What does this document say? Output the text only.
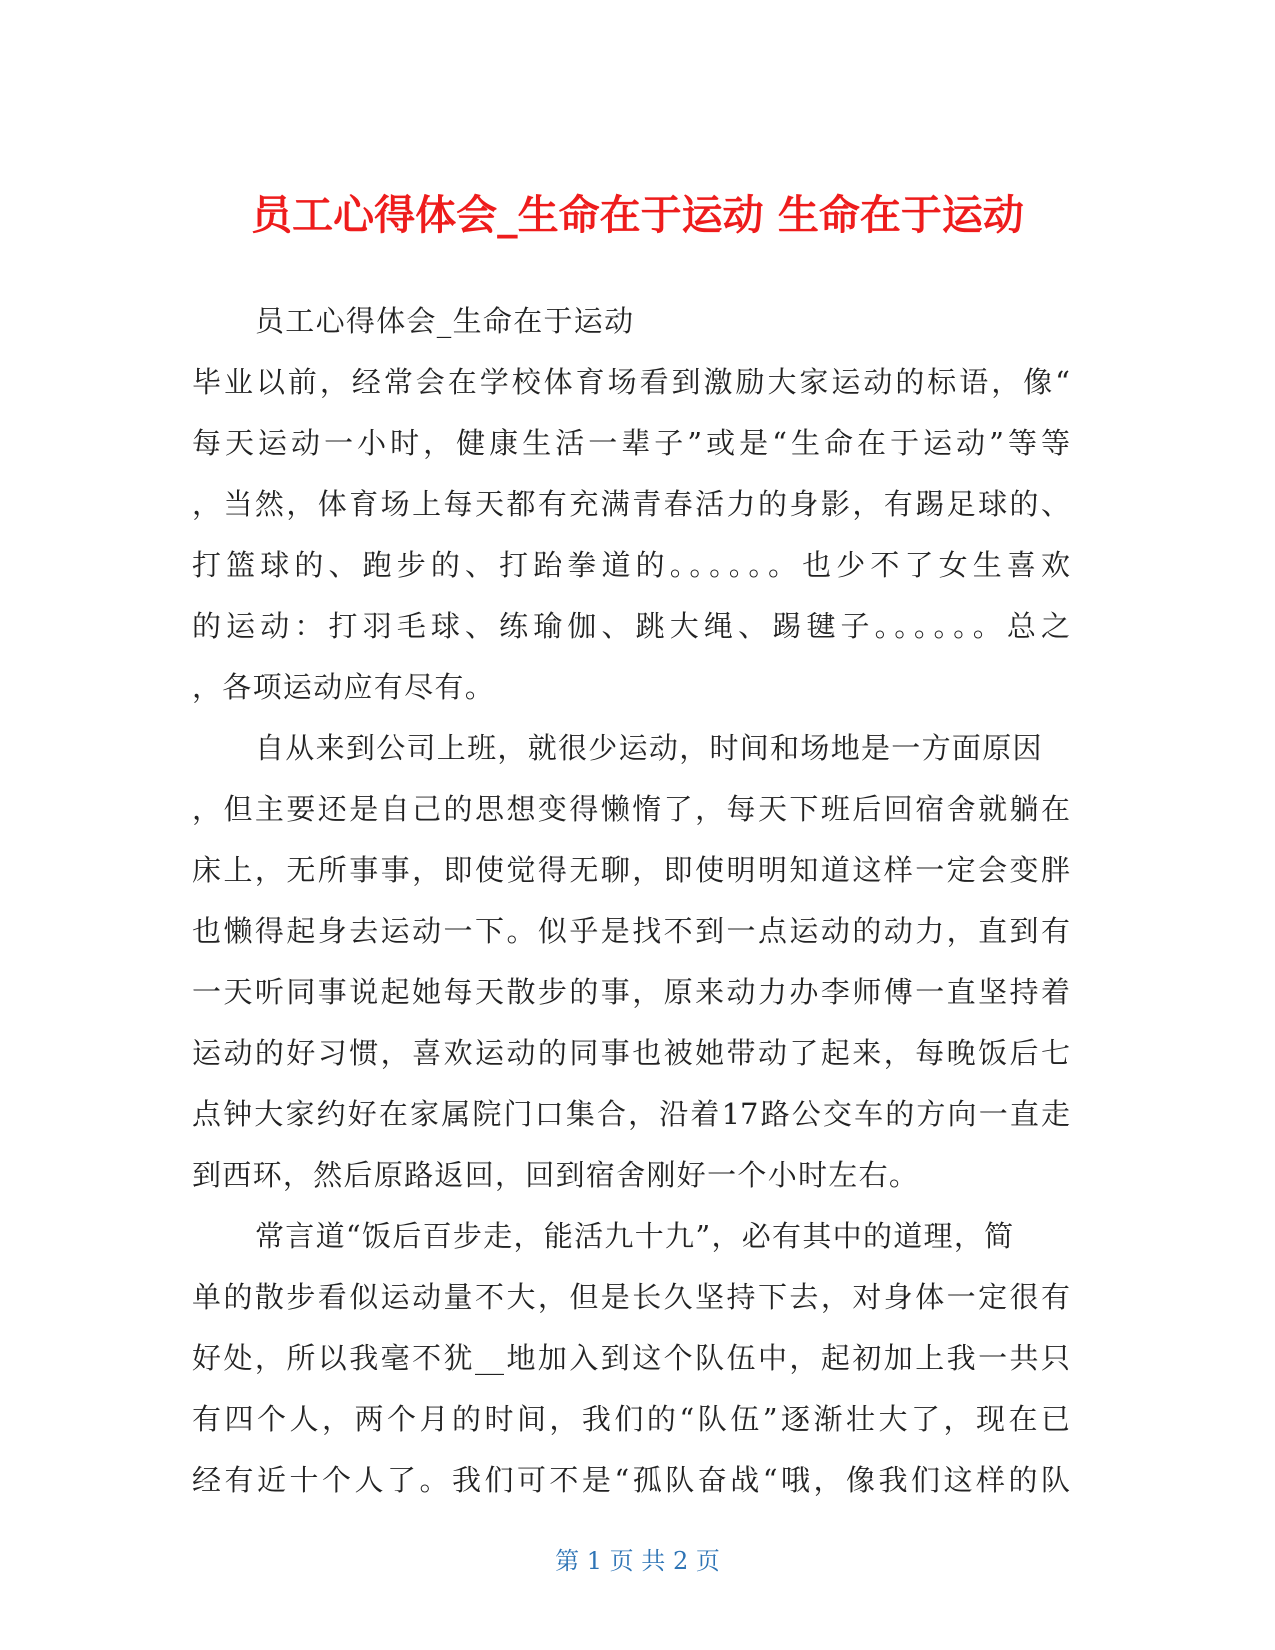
员工心得体会_生命在于运动 生命在于运动
员工心得体会_生命在于运动
毕业以前，经常会在学校体育场看到激励大家运动的标语，像“
每天运动一小时，健康生活一辈子”或是“生命在于运动”等等
，当然，体育场上每天都有充满青春活力的身影，有踢足球的、
打篮球的、跑步的、打跆拳道的。。。。。。也少不了女生喜欢
的运动：打羽毛球、练瑜伽、跳大绳、踢毽子。。。。。。总之
，各项运动应有尽有。
自从来到公司上班，就很少运动，时间和场地是一方面原因
，但主要还是自己的思想变得懒惰了，每天下班后回宿舍就躺在
床上，无所事事，即使觉得无聊，即使明明知道这样一定会变胖
也懒得起身去运动一下。似乎是找不到一点运动的动力，直到有
一天听同事说起她每天散步的事，原来动力办李师傅一直坚持着
运动的好习惯，喜欢运动的同事也被她带动了起来，每晚饭后七
点钟大家约好在家属院门口集合，沿着17路公交车的方向一直走
到西环，然后原路返回，回到宿舍刚好一个小时左右。
常言道“饭后百步走，能活九十九”，必有其中的道理，简
单的散步看似运动量不大，但是长久坚持下去，对身体一定很有
好处，所以我毫不犹__地加入到这个队伍中，起初加上我一共只
有四个人，两个月的时间，我们的“队伍”逐渐壮大了，现在已
经有近十个人了。我们可不是“孤队奋战“哦，像我们这样的队
第 1 页 共 2 页
